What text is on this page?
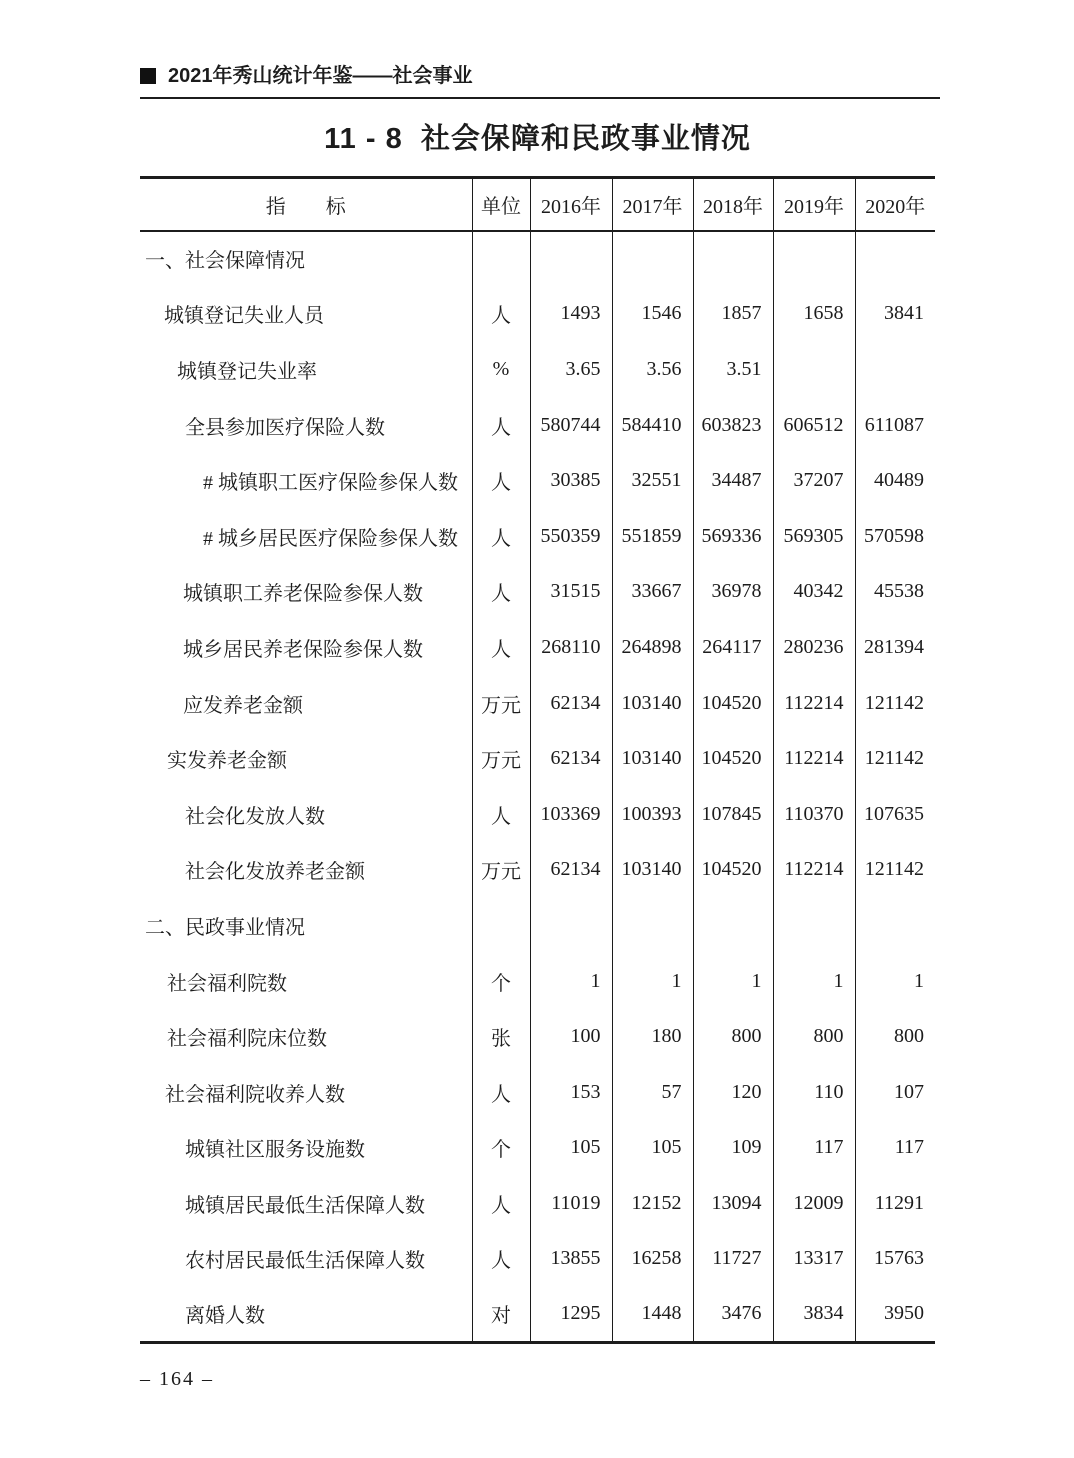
2021年秀山统计年鉴——社会事业
11 - 8  社会保障和民政事业情况
指　　标	单位	2016年	2017年	2018年	2019年	2020年
一、社会保障情况						
城镇登记失业人员	人	1493	1546	1857	1658	3841
城镇登记失业率	%	3.65	3.56	3.51		
全县参加医疗保险人数	人	580744	584410	603823	606512	611087
# 城镇职工医疗保险参保人数	人	30385	32551	34487	37207	40489
# 城乡居民医疗保险参保人数	人	550359	551859	569336	569305	570598
城镇职工养老保险参保人数	人	31515	33667	36978	40342	45538
城乡居民养老保险参保人数	人	268110	264898	264117	280236	281394
应发养老金额	万元	62134	103140	104520	112214	121142
实发养老金额	万元	62134	103140	104520	112214	121142
社会化发放人数	人	103369	100393	107845	110370	107635
社会化发放养老金额	万元	62134	103140	104520	112214	121142
二、民政事业情况						
社会福利院数	个	1	1	1	1	1
社会福利院床位数	张	100	180	800	800	800
社会福利院收养人数	人	153	57	120	110	107
城镇社区服务设施数	个	105	105	109	117	117
城镇居民最低生活保障人数	人	11019	12152	13094	12009	11291
农村居民最低生活保障人数	人	13855	16258	11727	13317	15763
离婚人数	对	1295	1448	3476	3834	3950
– 164 –
